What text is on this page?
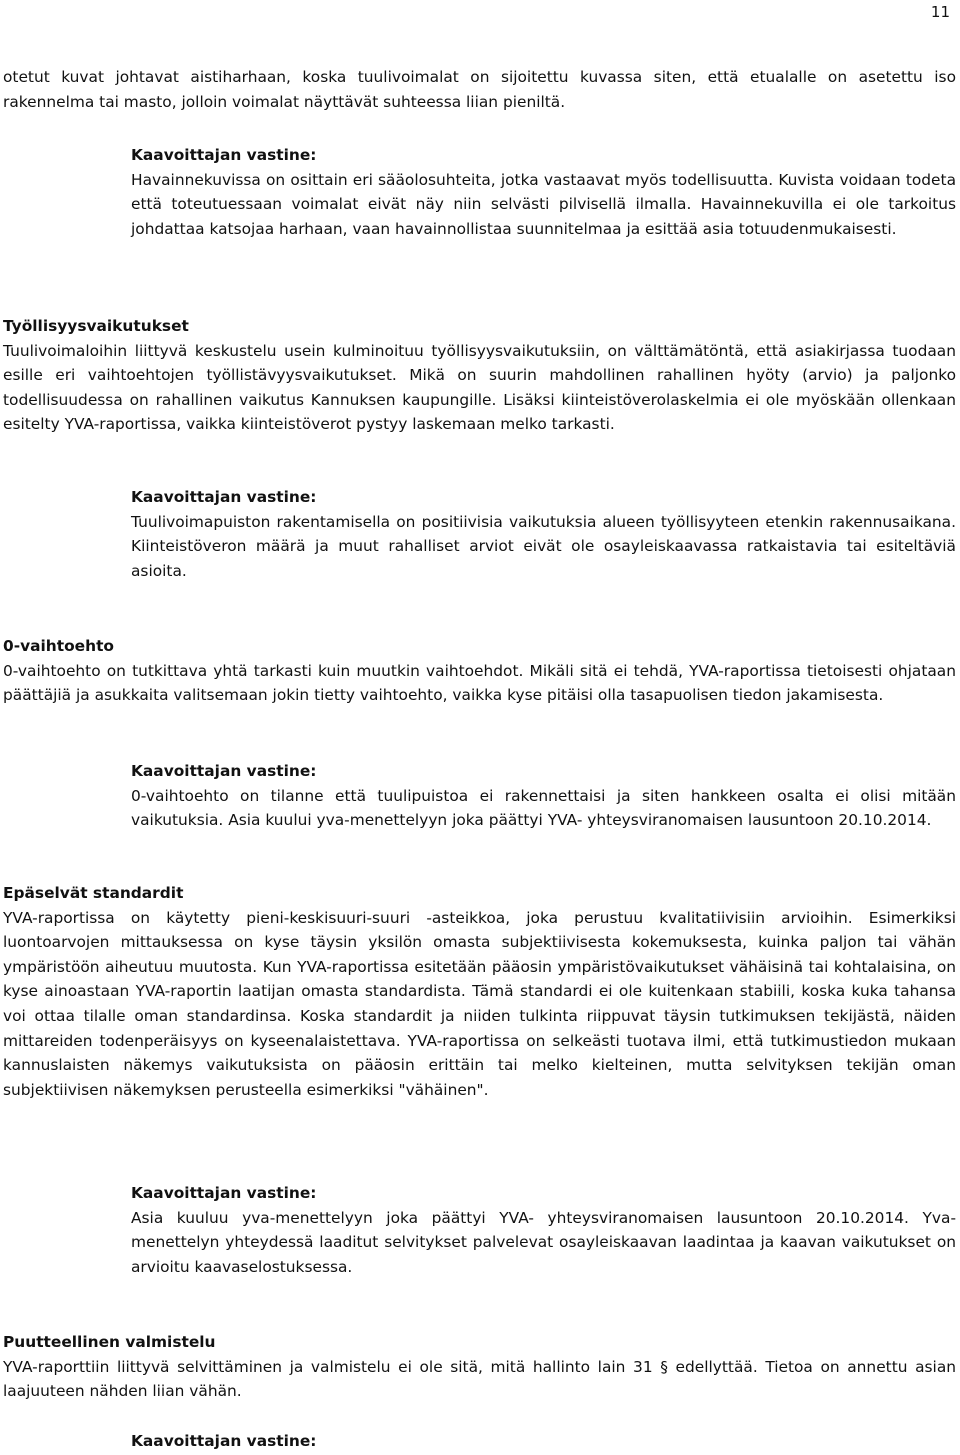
11

otetut kuvat johtavat aistiharhaan, koska tuulivoimalat on sijoitettu kuvassa siten, että etualalle on asetettu iso rakennelma tai masto, jolloin voimalat näyttävät suhteessa liian pieniltä.

Kaavoittajan vastine:

Havainnekuvissa on osittain eri sääolosuhteita, jotka vastaavat myös todellisuutta. Kuvista voidaan todeta että toteutuessaan voimalat eivät näy niin selvästi pilvisellä ilmalla. Havainnekuvilla ei ole tarkoitus johdattaa katsojaa harhaan, vaan havainnollistaa suunnitelmaa ja esittää asia totuudenmukaisesti.

Työllisyysvaikutukset

Tuulivoimaloihin liittyvä keskustelu usein kulminoituu työllisyysvaikutuksiin, on välttämätöntä, että asiakirjassa tuodaan esille eri vaihtoehtojen työllistävyysvaikutukset. Mikä on suurin mahdollinen rahallinen hyöty (arvio) ja paljonko todellisuudessa on rahallinen vaikutus Kannuksen kaupungille. Lisäksi kiinteistöverolaskelmia ei ole myöskään ollenkaan esitelty YVA-raportissa, vaikka kiinteistöverot pystyy laskemaan melko tarkasti.

Kaavoittajan vastine:

Tuulivoimapuiston rakentamisella on positiivisia vaikutuksia alueen työllisyyteen etenkin rakennusaikana. Kiinteistöveron määrä ja muut rahalliset arviot eivät ole osayleiskaavassa ratkaistavia tai esiteltäviä asioita.

0-vaihtoehto

0-vaihtoehto on tutkittava yhtä tarkasti kuin muutkin vaihtoehdot. Mikäli sitä ei tehdä, YVA-raportissa tietoisesti ohjataan päättäjiä ja asukkaita valitsemaan jokin tietty vaihtoehto, vaikka kyse pitäisi olla tasapuolisen tiedon jakamisesta.

Kaavoittajan vastine:

0-vaihtoehto on tilanne että tuulipuistoa ei rakennettaisi ja siten hankkeen osalta ei olisi mitään vaikutuksia. Asia kuului yva-menettelyyn joka päättyi YVA- yhteysviranomaisen lausuntoon 20.10.2014.

Epäselvät standardit

YVA-raportissa on käytetty pieni-keskisuuri-suuri -asteikkoa, joka perustuu kvalitatiivisiin arvioihin. Esimerkiksi luontoarvojen mittauksessa on kyse täysin yksilön omasta subjektiivisesta kokemuksesta, kuinka paljon tai vähän ympäristöön aiheutuu muutosta. Kun YVA-raportissa esitetään pääosin ympäristövaikutukset vähäisinä tai kohtalaisina, on kyse ainoastaan YVA-raportin laatijan omasta standardista. Tämä standardi ei ole kuitenkaan stabiili, koska kuka tahansa voi ottaa tilalle oman standardinsa. Koska standardit ja niiden tulkinta riippuvat täysin tutkimuksen tekijästä, näiden mittareiden todenperäisyys on kyseenalaistettava. YVA-raportissa on selkeästi tuotava ilmi, että tutkimustiedon mukaan kannuslaisten näkemys vaikutuksista on pääosin erittäin tai melko kielteinen, mutta selvityksen tekijän oman subjektiivisen näkemyksen perusteella esimerkiksi "vähäinen".

Kaavoittajan vastine:

Asia kuuluu yva-menettelyyn joka päättyi YVA- yhteysviranomaisen lausuntoon 20.10.2014. Yva-menettelyn yhteydessä laaditut selvitykset palvelevat osayleiskaavan laadintaa ja kaavan vaikutukset on arvioitu kaavaselostuksessa.

Puutteellinen valmistelu

YVA-raporttiin liittyvä selvittäminen ja valmistelu ei ole sitä, mitä hallinto lain 31 § edellyttää. Tietoa on annettu asian laajuuteen nähden liian vähän.

Kaavoittajan vastine:
